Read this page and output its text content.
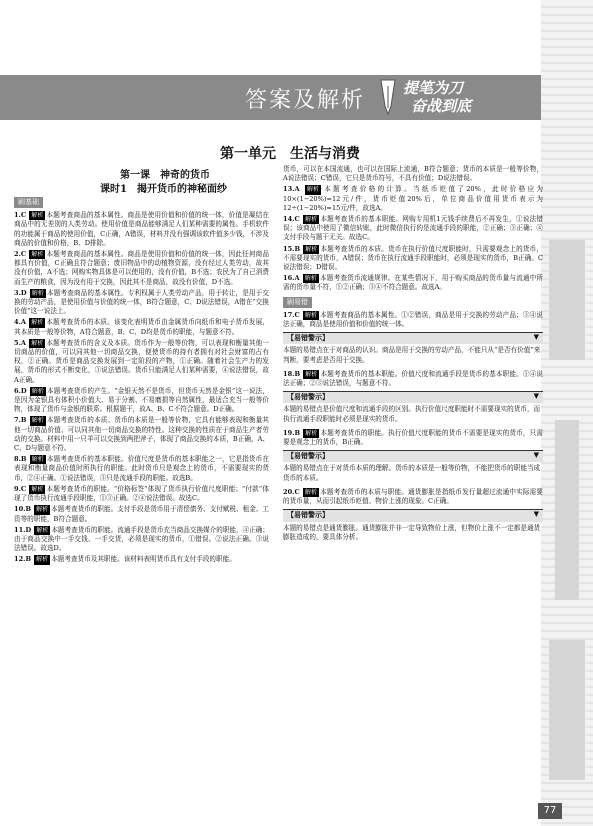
答案及解析	提笔为刀
奋战到底
第一单元　生活与消费
第一课　神奇的货币
课时1　揭开货币的神秘面纱
刷基础
1.C 解析 本题考查商品的基本属性。商品是使用价值和价值的统一体，价值是凝结在商品中的无差别的人类劳动。使用价值是商品能够满足人们某种需要的属性。手机软件的功能属于商品的使用价值，C正确，A错误，材料并没有强调该软件值多少钱，不涉及商品的价值和价格，B、D排除。
2.C 解析 本题考查商品的基本属性。商品是使用价值和价值的统一体，因此任何商品都具有价值，C正确且符合题意；废旧物品中的动植物资源，没有经过人类劳动，故其没有价值，A不选；网购实物具体是可以使用的，没有价值，B不选；农民为了自己消费而生产的粮食，因为没有用于交换，因此其不是商品，故没有价值，D不选。
3.D 解析 本题考查商品的基本属性。专利权属于人类劳动产品，用于转让，是用于交换的劳动产品，是使用价值与价值的统一体，B符合题意，C、D说法错误，A错在“交换价值”这一说法上。
4.A 解析 本题考查货币的本质。该变化表明货币由金属货币向纸币和电子货币发展，其本质是一般等价物，A符合题意，B、C、D均是货币的职能，与题意不符。
5.A 解析 本题考查货币的含义及本质。货币作为一般等价物，可以表现和衡量其他一切商品的价值，可以同其他一切商品交换，便使货币的持有者拥有对社会财富的占有权，②正确。货币是商品交换发展到一定阶段的产物，①正确。随着社会生产力的发展，货币的形式不断变化，③说法错误。货币只能满足人们某种需要，④说法错误，故A正确。
6.D 解析 本题考查货币的产生。“金银天然不是货币，但货币天然是金银”这一说法，是因为金银具有体积小价值大、易于分割、不易磨损等自然属性，最适合充当一般等价物，体现了货币与金银的联系。根据题干，故A、B、C不符合题意。D正确。
7.B 解析 本题考查货币的本质。货币的本质是一般等价物，它具有能够表现和衡量其他一切商品价值、可以同其他一切商品交换的特性。这种交换的性质在于商品生产者劳动的交换。材料中用一只羊可以交换到两把斧子，体现了商品交换的本质，B正确，A、C、D与题意不符。
8.B 解析 本题考查货币的基本职能。价值尺度是货币的基本职能之一，它是指货币在表现和衡量商品价值时所执行的职能。此时货币只是观念上的货币，不需要现实的货币，②④正确。①说法错误，③只是流通手段的职能。故选B。
9.C 解析 本题考查货币的职能。“价格标签”体现了货币执行价值尺度职能；“付款”体现了货币执行流通手段职能，①③正确。②④说法错误。故选C。
10.B 解析 本题考查货币的职能。支付手段是货币用于清偿债务、支付赋税、租金、工资等的职能，B符合题意。
11.D 解析 本题考查货币的职能。流通手段是货币充当商品交换媒介的职能，④正确；由于商品交换中一手交钱、一手交货，必须是现实的货币，①错误。②说法正确。③说法错误。故选D。
12.B 解析 本题考查货币及其职能。该材料表明货币具有支付手段的职能。
货币，可以在本国流通，也可以在国际上流通，B符合题意；货币的本质是一般等价物，A说法错误；C错误，它只是货币符号，不具有价值；D说法错误。
13.A 解析 本题考查价格的计算。当纸币贬值了20%，此时价格应为10×(1−20%)=12元/件，货币贬值20%后，单位商品价值用货币表示为12÷(1−20%)=15元/件，故选A。
14.C 解析 本题考查货币的基本职能。网购专用机1元钱手续费后不再发生，①说法错误；该商品中使用了微信转账，此时微信执行的是流通手段的职能，②正确；③正确；④支付手段与题干无关。故选C。
15.B 解析 本题考查货币的本质。货币在执行价值尺度职能时，只需要观念上的货币，不需要现实的货币，A错误；货币在执行流通手段职能时，必须是现实的货币，B正确。C说法错误；D错误。
16.A 解析 本题考查货币流通规律。在某些情况下，用于购买商品的货币量与流通中所需的货币量不符，①②正确；③④不符合题意。故选A。
刷易错
17.C 解析 本题考查商品的基本属性。①②错误，商品是用于交换的劳动产品；③④说法正确，商品是使用价值和价值的统一体。
【易错警示】 ▼
本题的易错点在于对商品的认识。商品是用于交换的劳动产品，不能只从“是否有价值”来判断，要考虑是否用于交换。
18.B 解析 本题考查货币的基本职能。价值尺度和流通手段是货币的基本职能。①④说法正确；②③说法错误，与题意不符。
【易错警示】 ▼
本题的易错点是价值尺度和流通手段的区别。执行价值尺度职能时不需要现实的货币，而执行流通手段职能时必须是现实的货币。
19.B 解析 本题考查货币的职能。执行价值尺度职能的货币不需要是现实的货币，只需要是观念上的货币，B正确。
【易错警示】 ▼
本题的易错点在于对货币本质的理解。货币的本质是一般等价物，不能把货币的职能当成货币的本质。
20.C 解析 本题考查货币的本质与职能。通货膨胀是指纸币发行量超过流通中实际需要的货币量，从而引起纸币贬值、物价上涨的现象。C正确。
【易错警示】 ▼
本题的易错点是通货膨胀。通货膨胀并非一定导致物价上涨，但物价上涨不一定都是通货膨胀造成的，要具体分析。
77
